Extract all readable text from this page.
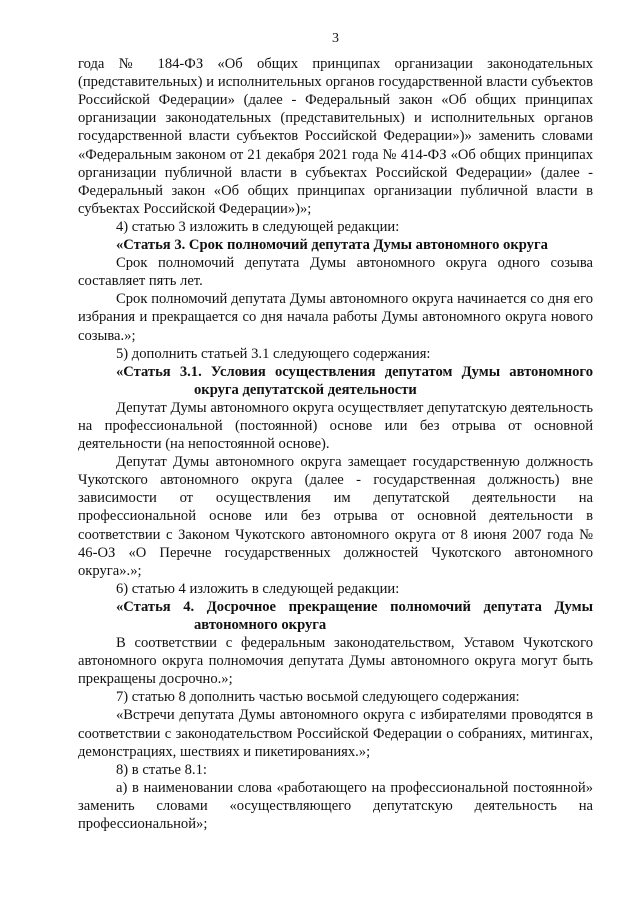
3

года № 184-ФЗ «Об общих принципах организации законодательных (представительных) и исполнительных органов государственной власти субъектов Российской Федерации» (далее - Федеральный закон «Об общих принципах организации законодательных (представительных) и исполнительных органов государственной власти субъектов Российской Федерации»)» заменить словами «Федеральным законом от 21 декабря 2021 года № 414-ФЗ «Об общих принципах организации публичной власти в субъектах Российской Федерации» (далее - Федеральный закон «Об общих принципах организации публичной власти в субъектах Российской Федерации»)»;

4) статью 3 изложить в следующей редакции:

«Статья 3. Срок полномочий депутата Думы автономного округа

Срок полномочий депутата Думы автономного округа одного созыва составляет пять лет.

Срок полномочий депутата Думы автономного округа начинается со дня его избрания и прекращается со дня начала работы Думы автономного округа нового созыва.»;

5) дополнить статьей 3.1 следующего содержания:

«Статья 3.1. Условия осуществления депутатом Думы автономного округа депутатской деятельности

Депутат Думы автономного округа осуществляет депутатскую деятельность на профессиональной (постоянной) основе или без отрыва от основной деятельности (на непостоянной основе).

Депутат Думы автономного округа замещает государственную должность Чукотского автономного округа (далее - государственная должность) вне зависимости от осуществления им депутатской деятельности на профессиональной основе или без отрыва от основной деятельности в соответствии с Законом Чукотского автономного округа от 8 июня 2007 года № 46-ОЗ «О Перечне государственных должностей Чукотского автономного округа».»;

6) статью 4 изложить в следующей редакции:

«Статья 4. Досрочное прекращение полномочий депутата Думы автономного округа

В соответствии с федеральным законодательством, Уставом Чукотского автономного округа полномочия депутата Думы автономного округа могут быть прекращены досрочно.»;

7) статью 8 дополнить частью восьмой следующего содержания:

«Встречи депутата Думы автономного округа с избирателями проводятся в соответствии с законодательством Российской Федерации о собраниях, митингах, демонстрациях, шествиях и пикетированиях.»;

8) в статье 8.1:

а) в наименовании слова «работающего на профессиональной постоянной» заменить словами «осуществляющего депутатскую деятельность на профессиональной»;
